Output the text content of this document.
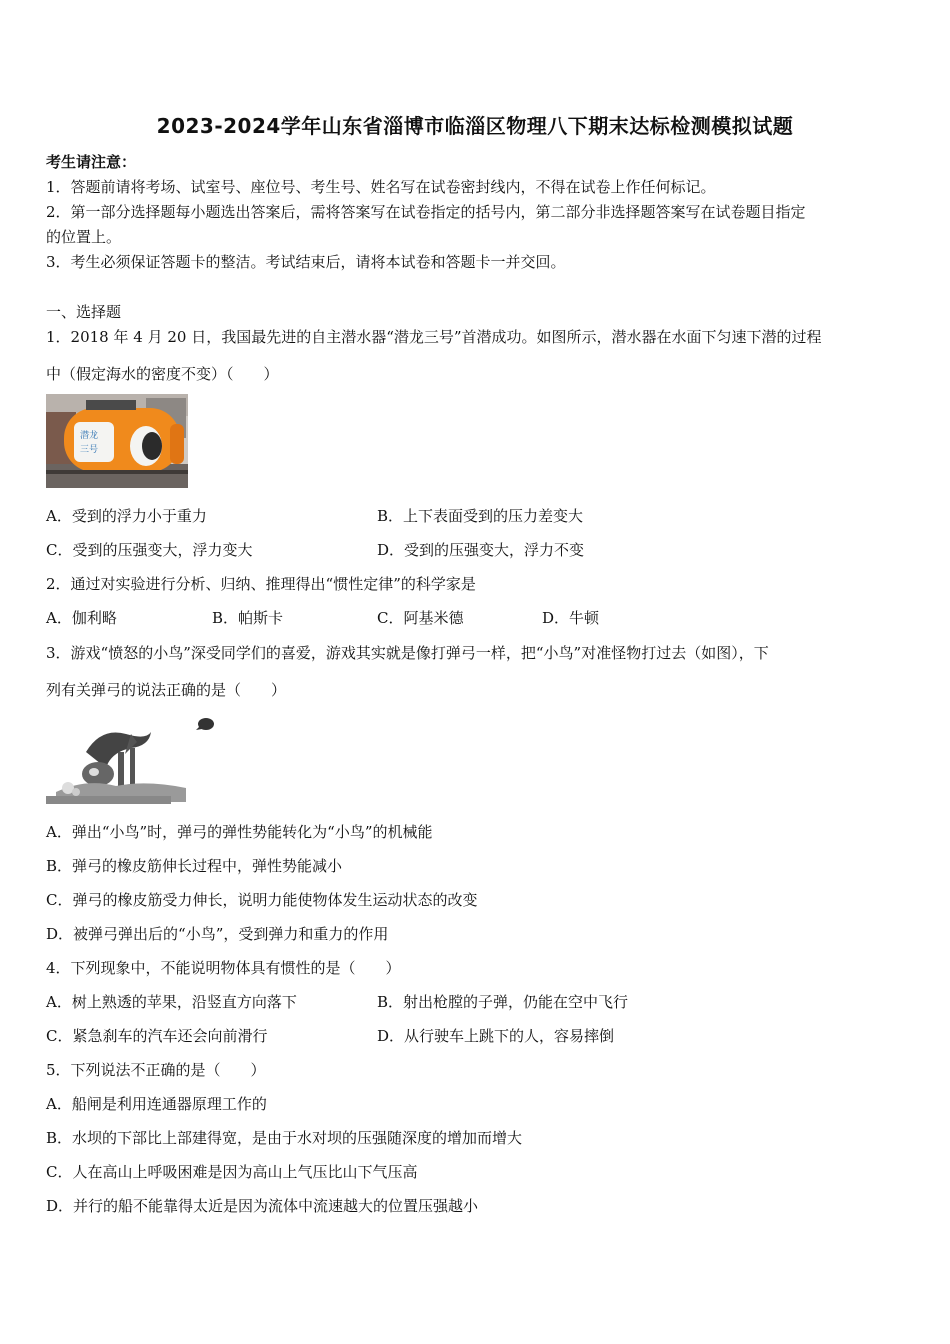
2023-2024学年山东省淄博市临淄区物理八下期末达标检测模拟试题
考生请注意：
1．答题前请将考场、试室号、座位号、考生号、姓名写在试卷密封线内，不得在试卷上作任何标记。
2．第一部分选择题每小题选出答案后，需将答案写在试卷指定的括号内，第二部分非选择题答案写在试卷题目指定
的位置上。
3．考生必须保证答题卡的整洁。考试结束后，请将本试卷和答题卡一并交回。
一、选择题
1．2018 年 4 月 20 日，我国最先进的自主潜水器“潜龙三号”首潜成功。如图所示，潜水器在水面下匀速下潜的过程
中（假定海水的密度不变）（　　）
潜龙
三号
A．受到的浮力小于重力	B．上下表面受到的压力差变大
C．受到的压强变大，浮力变大	D．受到的压强变大，浮力不变
2．通过对实验进行分析、归纳、推理得出“惯性定律”的科学家是
A．伽利略	B．帕斯卡	C．阿基米德	D．牛顿
3．游戏“愤怒的小鸟”深受同学们的喜爱，游戏其实就是像打弹弓一样，把“小鸟”对准怪物打过去（如图），下
列有关弹弓的说法正确的是（　　）
A．弹出“小鸟”时，弹弓的弹性势能转化为“小鸟”的机械能
B．弹弓的橡皮筋伸长过程中，弹性势能减小
C．弹弓的橡皮筋受力伸长，说明力能使物体发生运动状态的改变
D．被弹弓弹出后的“小鸟”，受到弹力和重力的作用
4．下列现象中，不能说明物体具有惯性的是（　　）
A．树上熟透的苹果，沿竖直方向落下	B．射出枪膛的子弹，仍能在空中飞行
C．紧急刹车的汽车还会向前滑行	D．从行驶车上跳下的人，容易摔倒
5．下列说法不正确的是（　　）
A．船闸是利用连通器原理工作的
B．水坝的下部比上部建得宽，是由于水对坝的压强随深度的增加而增大
C．人在高山上呼吸困难是因为高山上气压比山下气压高
D．并行的船不能靠得太近是因为流体中流速越大的位置压强越小
